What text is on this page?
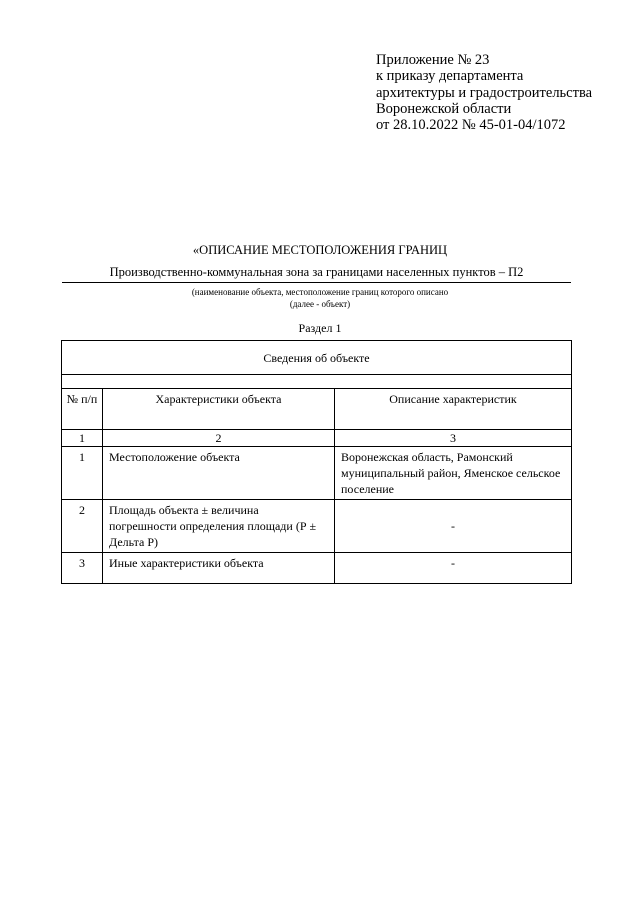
Приложение № 23
к приказу департамента
архитектуры и градостроительства
Воронежской области
от 28.10.2022 № 45-01-04/1072
«ОПИСАНИЕ МЕСТОПОЛОЖЕНИЯ ГРАНИЦ
Производственно-коммунальная зона за границами населенных пунктов – П2
(наименование объекта, местоположение границ которого описано
(далее - объект)
Раздел 1
Сведения об объекте		

№ п/п	Характеристики объекта	Описание характеристик
1	2	3
1	Местоположение объекта	Воронежская область, Рамонский муниципальный район, Яменское сельское поселение
2	Площадь объекта ± величина погрешности определения площади (Р ± Дельта Р)	-
3	Иные характеристики объекта	-
